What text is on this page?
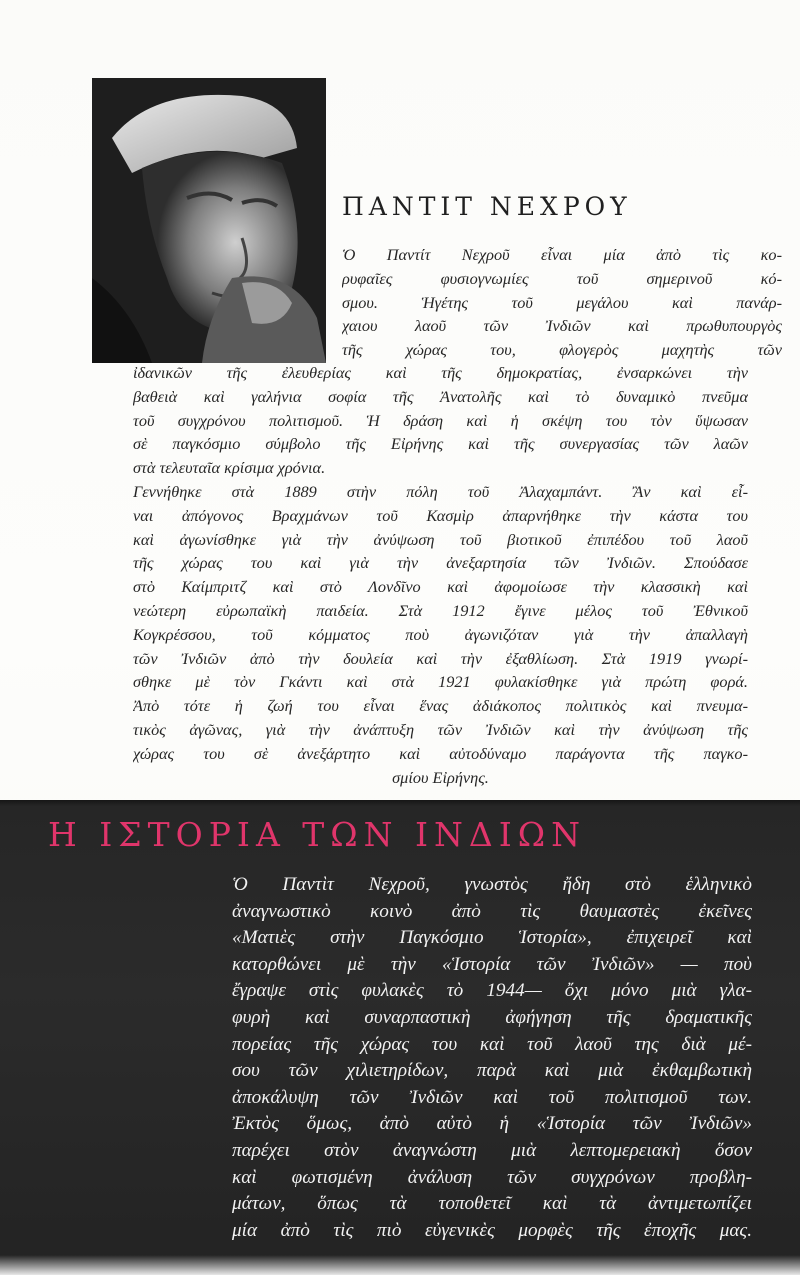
ΠΑΝΤΙΤ ΝΕΧΡΟΥ
Ὁ Παντίτ Νεχροῦ εἶναι μία ἀπὸ τὶς κο-
ρυφαῖες φυσιογνωμίες τοῦ σημερινοῦ κό-
σμου. Ἡγέτης τοῦ μεγάλου καὶ πανάρ-
χαιου λαοῦ τῶν Ἰνδιῶν καὶ πρωθυπουργὸς
τῆς χώρας του, φλογερὸς μαχητὴς τῶν
ἰδανικῶν τῆς ἐλευθερίας καὶ τῆς δημοκρατίας, ἐνσαρκώνει τὴν
βαθειὰ καὶ γαλήνια σοφία τῆς Ἀνατολῆς καὶ τὸ δυναμικὸ πνεῦμα
τοῦ συγχρόνου πολιτισμοῦ. Ἡ δράση καὶ ἡ σκέψη του τὸν ὕψωσαν
σὲ παγκόσμιο σύμβολο τῆς Εἰρήνης καὶ τῆς συνεργασίας τῶν λαῶν
στὰ τελευταῖα κρίσιμα χρόνια.
Γεννήθηκε στὰ 1889 στὴν πόλη τοῦ Ἀλαχαμπάντ. Ἂν καὶ εἶ-
ναι ἀπόγονος Βραχμάνων τοῦ Κασμὶρ ἀπαρνήθηκε τὴν κάστα του
καὶ ἀγωνίσθηκε γιὰ τὴν ἀνύψωση τοῦ βιοτικοῦ ἐπιπέδου τοῦ λαοῦ
τῆς χώρας του καὶ γιὰ τὴν ἀνεξαρτησία τῶν Ἰνδιῶν. Σπούδασε
στὸ Καίμπριτζ καὶ στὸ Λονδῖνο καὶ ἀφομοίωσε τὴν κλασσικὴ καὶ
νεώτερη εὐρωπαϊκὴ παιδεία. Στὰ 1912 ἔγινε μέλος τοῦ Ἐθνικοῦ
Κογκρέσσου, τοῦ κόμματος ποὺ ἀγωνιζόταν γιὰ τὴν ἀπαλλαγὴ
τῶν Ἰνδιῶν ἀπὸ τὴν δουλεία καὶ τὴν ἐξαθλίωση. Στὰ 1919 γνωρί-
σθηκε μὲ τὸν Γκάντι καὶ στὰ 1921 φυλακίσθηκε γιὰ πρώτη φορά.
Ἀπὸ τότε ἡ ζωή του εἶναι ἕνας ἀδιάκοπος πολιτικὸς καὶ πνευμα-
τικὸς ἀγῶνας, γιὰ τὴν ἀνάπτυξη τῶν Ἰνδιῶν καὶ τὴν ἀνύψωση τῆς
χώρας του σὲ ἀνεξάρτητο καὶ αὐτοδύναμο παράγοντα τῆς παγκο-
σμίου Εἰρήνης.
Η ΙΣΤΟΡΙΑ ΤΩΝ ΙΝΔΙΩΝ
Ὁ Παντὶτ Νεχροῦ, γνωστὸς ἤδη στὸ ἑλληνικὸ
ἀναγνωστικὸ κοινὸ ἀπὸ τὶς θαυμαστὲς ἐκεῖνες
«Ματιὲς στὴν Παγκόσμιο Ἱστορία», ἐπιχειρεῖ καὶ
κατορθώνει μὲ τὴν «Ἱστορία τῶν Ἰνδιῶν» — ποὺ
ἔγραψε στὶς φυλακὲς τὸ 1944— ὄχι μόνο μιὰ γλα-
φυρὴ καὶ συναρπαστικὴ ἀφήγηση τῆς δραματικῆς
πορείας τῆς χώρας του καὶ τοῦ λαοῦ της διὰ μέ-
σου τῶν χιλιετηρίδων, παρὰ καὶ μιὰ ἐκθαμβωτικὴ
ἀποκάλυψη τῶν Ἰνδιῶν καὶ τοῦ πολιτισμοῦ των.
Ἐκτὸς ὅμως, ἀπὸ αὐτὸ ἡ «Ἱστορία τῶν Ἰνδιῶν»
παρέχει στὸν ἀναγνώστη μιὰ λεπτομερειακὴ ὅσον
καὶ φωτισμένη ἀνάλυση τῶν συγχρόνων προβλη-
μάτων, ὅπως τὰ τοποθετεῖ καὶ τὰ ἀντιμετωπίζει
μία ἀπὸ τὶς πιὸ εὐγενικὲς μορφὲς τῆς ἐποχῆς μας.
